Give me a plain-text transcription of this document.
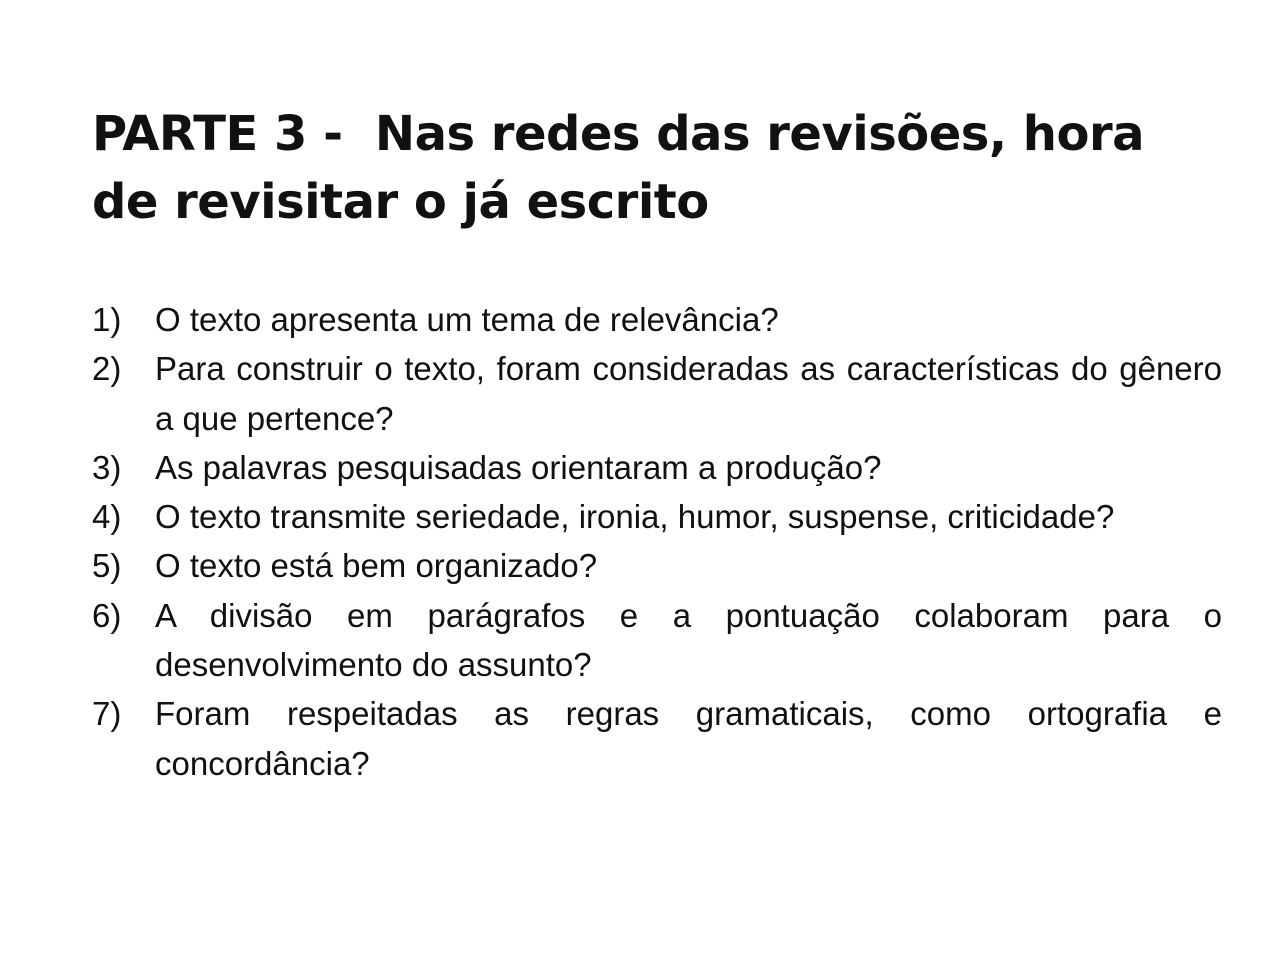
PARTE 3 -  Nas redes das revisões, hora de revisitar o já escrito
1)	O texto apresenta um tema de relevância?
2)	Para construir o texto, foram consideradas as características do gênero a que pertence?
3)	As palavras pesquisadas orientaram a produção?
4)	O texto transmite seriedade, ironia, humor, suspense, criticidade?
5)	O texto está bem organizado?
6)	A divisão em parágrafos e a pontuação colaboram para o desenvolvimento do assunto?
7)	Foram respeitadas as regras gramaticais, como ortografia e concordância?
